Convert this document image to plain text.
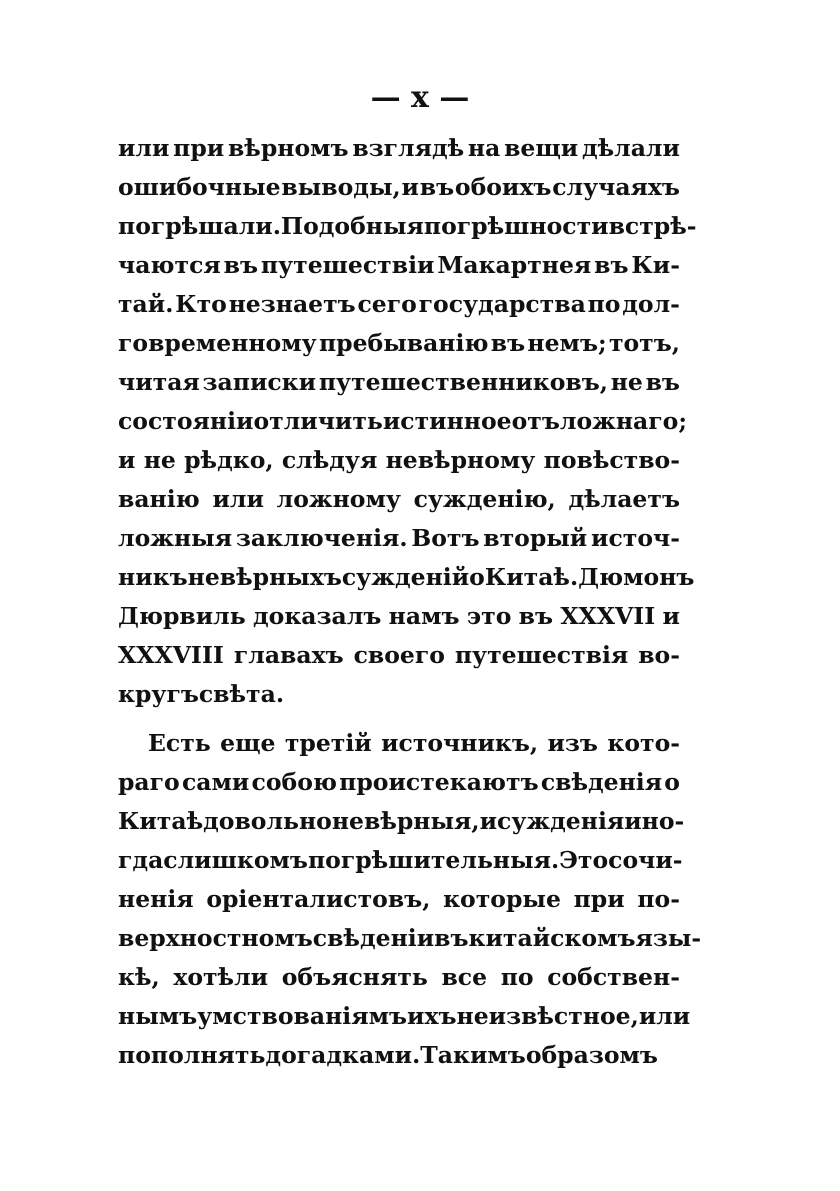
— x —
или при вѣрномъ взглядѣ на вещи дѣлали
ошибочные выводы, и въ обоихъ случаяхъ
погрѣшали. Подобныя погрѣшности встрѣ-
чаются въ путешествіи Макартнея въ Ки-
тай. Кто незнаетъ сего государства по дол-
говременному пребыванію въ немъ; тотъ,
читая записки путешественниковъ, не въ
состояніи отличить истинное отъ ложнаго;
и не рѣдко, слѣдуя невѣрному повѣство-
ванію или ложному сужденію, дѣлаетъ
ложныя заключенія. Вотъ вторый источ-
никъ невѣрныхъ сужденій о Китаѣ. Дюмонъ
Дюрвиль доказалъ намъ это въ XXXVII и
XXXVIII главахъ своего путешествія во-
кругъ свѣта.
Есть еще третій источникъ, изъ кото-
раго сами собою проистекаютъ свѣденія о
Китаѣ довольно невѣрныя, и сужденія ино-
гда слишкомъ погрѣшительныя. Это сочи-
ненія оріенталистовъ, которые при по-
верхностномъ свѣденіи въ китайскомъ язы-
кѣ, хотѣли объяснять все по собствен-
нымъ умствованіямъ ихъ неизвѣстное, или
пополнять догадками. Такимъ образомъ
